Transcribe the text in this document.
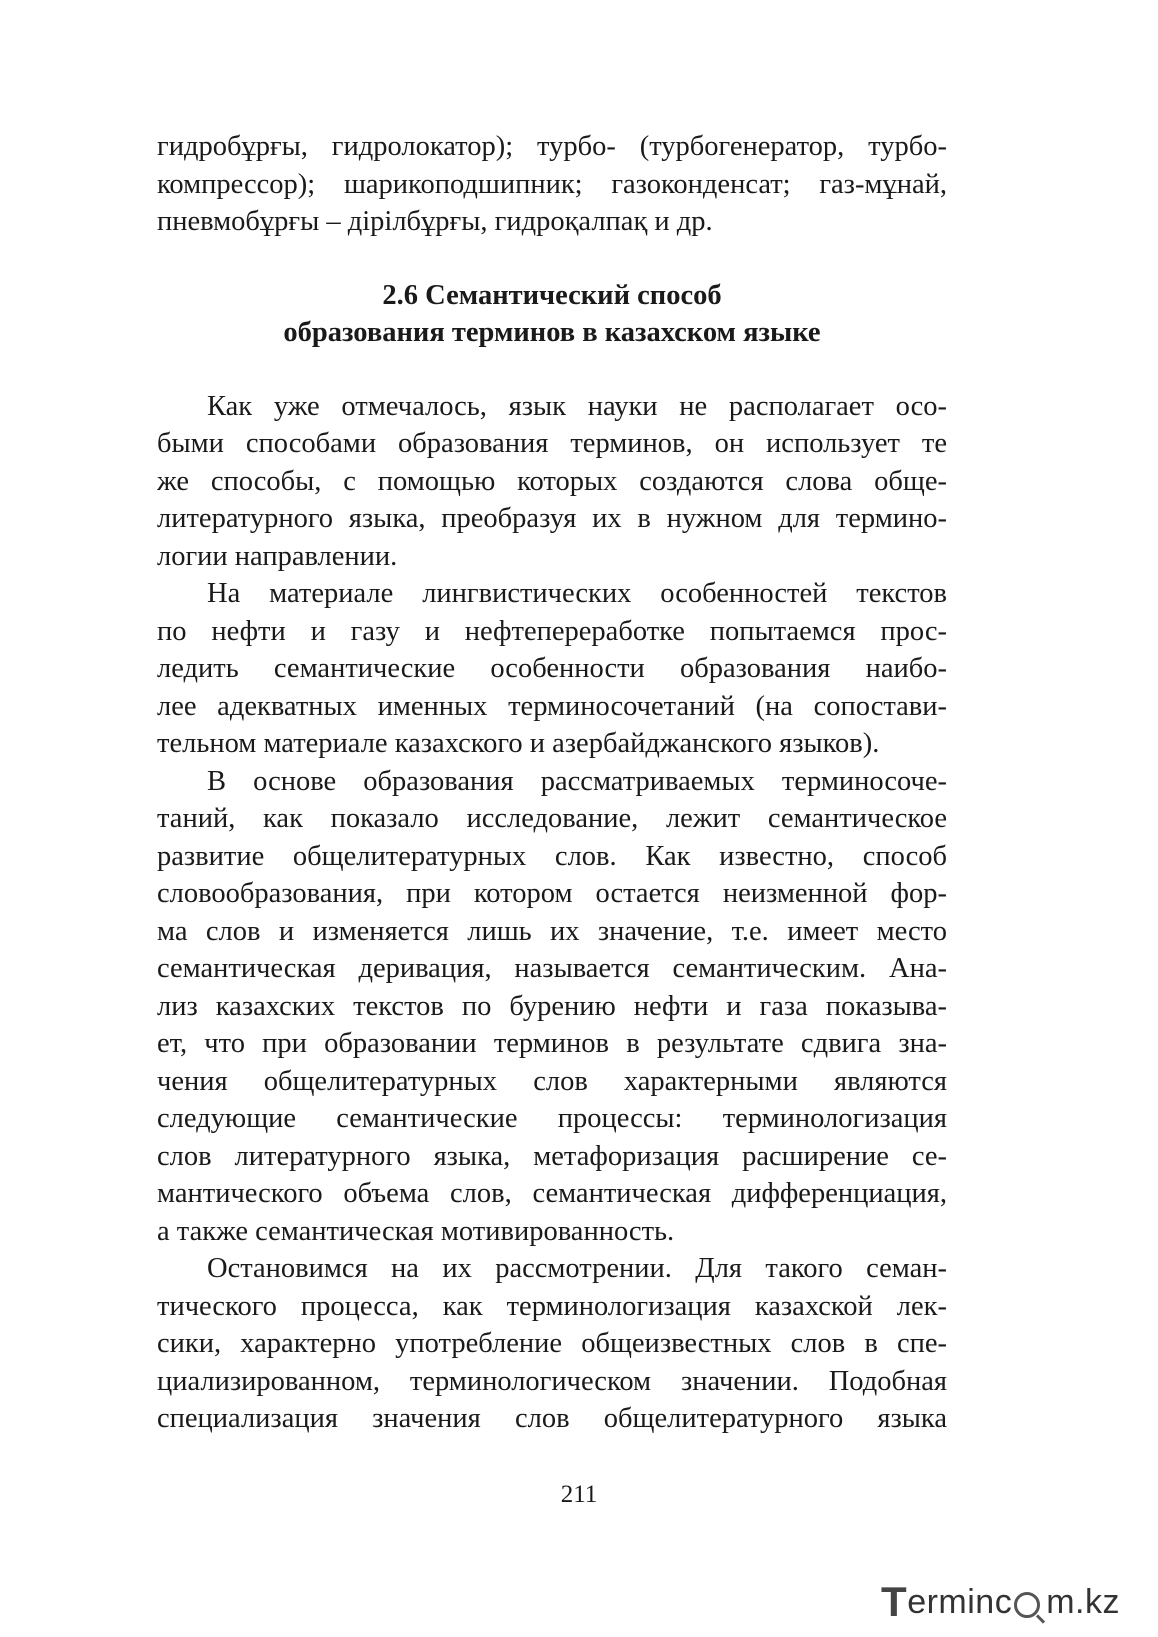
гидробұрғы, гидролокатор); турбо- (турбогенератор, турбо-
компрессор); шарикоподшипник; газоконденсат; газ-мұнай,
пневмобұрғы – дiрiлбұрғы, гидроқалпақ и др.
2.6 Семантический способ
образования терминов в казахском языке
Как уже отмечалось, язык науки не располагает осо-
быми способами образования терминов, он использует те
же способы, с помощью которых создаются слова обще-
литературного языка, преобразуя их в нужном для термино-
логии направлении.
На материале лингвистических особенностей текстов
по нефти и газу и нефтепереработке попытаемся прос-
ледить семантические особенности образования наибо-
лее адекватных именных терминосочетаний (на сопостави-
тельном материале казахского и азербайджанского языков).
В основе образования рассматриваемых терминосоче-
таний, как показало исследование, лежит семантическое
развитие общелитературных слов. Как известно, способ
словообразования, при котором остается неизменной фор-
ма слов и изменяется лишь их значение, т.е. имеет место
семантическая деривация, называется семантическим. Ана-
лиз казахских текстов по бурению нефти и газа показыва-
ет, что при образовании терминов в результате сдвига зна-
чения общелитературных слов характерными являются
следующие семантические процессы: терминологизация
слов литературного языка, метафоризация расширение се-
мантического объема слов, семантическая дифференциация,
а также семантическая мотивированность.
Остановимся на их рассмотрении. Для такого семан-
тического процесса, как терминологизация казахской лек-
сики, характерно употребление общеизвестных слов в спе-
циализированном, терминологическом значении. Подобная
специализация значения слов общелитературного языка
211
T erminc m.kz
